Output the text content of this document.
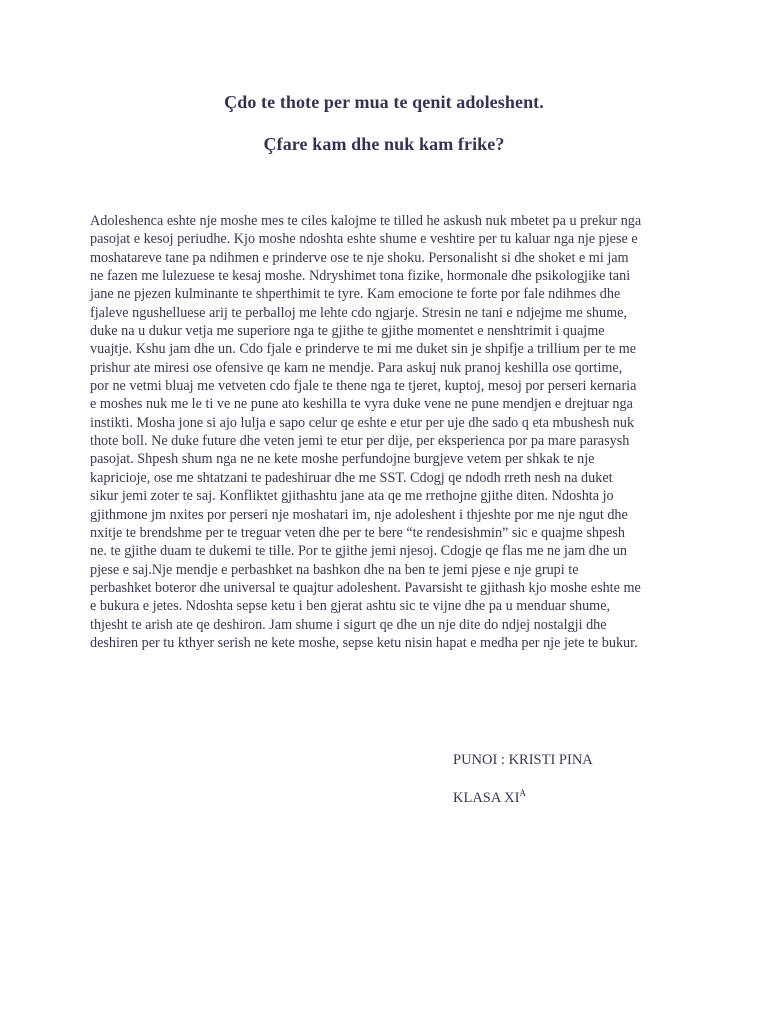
Çdo te thote per mua te qenit adoleshent.
Çfare kam dhe nuk kam frike?
Adoleshenca eshte nje moshe mes te ciles kalojme te tilled he askush nuk mbetet pa u prekur nga
pasojat e kesoj periudhe. Kjo moshe ndoshta eshte shume e veshtire per tu kaluar nga nje pjese e
moshatareve tane pa ndihmen e prinderve ose te nje shoku. Personalisht si dhe shoket e mi jam
ne fazen me lulezuese te kesaj moshe. Ndryshimet tona fizike, hormonale dhe psikologjike tani
jane ne pjezen kulminante te shperthimit te tyre. Kam emocione te forte por fale ndihmes dhe
fjaleve ngushelluese arij te perballoj me lehte cdo ngjarje. Stresin ne tani e ndjejme me shume,
duke na u dukur vetja me superiore nga te gjithe te gjithe momentet e nenshtrimit i quajme
vuajtje. Kshu jam dhe un. Cdo fjale e prinderve te mi me duket sin je shpifje a trillium per te me
prishur ate miresi ose ofensive qe kam ne mendje. Para askuj nuk pranoj keshilla ose qortime,
por ne vetmi bluaj me vetveten cdo fjale te thene nga te tjeret, kuptoj, mesoj por perseri kernaria
e moshes nuk me le ti ve ne pune ato keshilla te vyra duke vene ne pune mendjen e drejtuar nga
instikti. Mosha jone si ajo lulja e sapo celur qe eshte e etur per uje dhe sado q eta mbushesh nuk
thote boll. Ne duke future dhe veten jemi te etur per dije, per eksperienca por pa mare parasysh
pasojat. Shpesh shum nga ne ne kete moshe perfundojne burgjeve vetem per shkak te nje
kapricioje, ose me shtatzani te padeshiruar dhe me SST. Cdogj qe ndodh rreth nesh na duket
sikur jemi zoter te saj. Konfliktet gjithashtu jane ata qe me rrethojne gjithe diten. Ndoshta jo
gjithmone jm nxites por perseri nje moshatari im, nje adoleshent i thjeshte por me nje ngut dhe
nxitje te brendshme per te treguar veten dhe per te bere “te rendesishmin” sic e quajme shpesh
ne. te gjithe duam te dukemi te tille. Por te gjithe jemi njesoj. Cdogje qe flas me ne jam dhe un
pjese e saj.Nje mendje e perbashket na bashkon dhe na ben te jemi pjese e nje grupi te
perbashket boteror dhe universal te quajtur adoleshent. Pavarsisht te gjithash kjo moshe eshte me
e bukura e jetes. Ndoshta sepse ketu i ben gjerat ashtu sic te vijne dhe pa u menduar shume,
thjesht te arish ate qe deshiron. Jam shume i sigurt qe dhe un nje dite do ndjej nostalgji dhe
deshiren per tu kthyer serish ne kete moshe, sepse ketu nisin hapat e medha per nje jete te bukur.
PUNOI : KRISTI PINA
KLASA $XI^A$
